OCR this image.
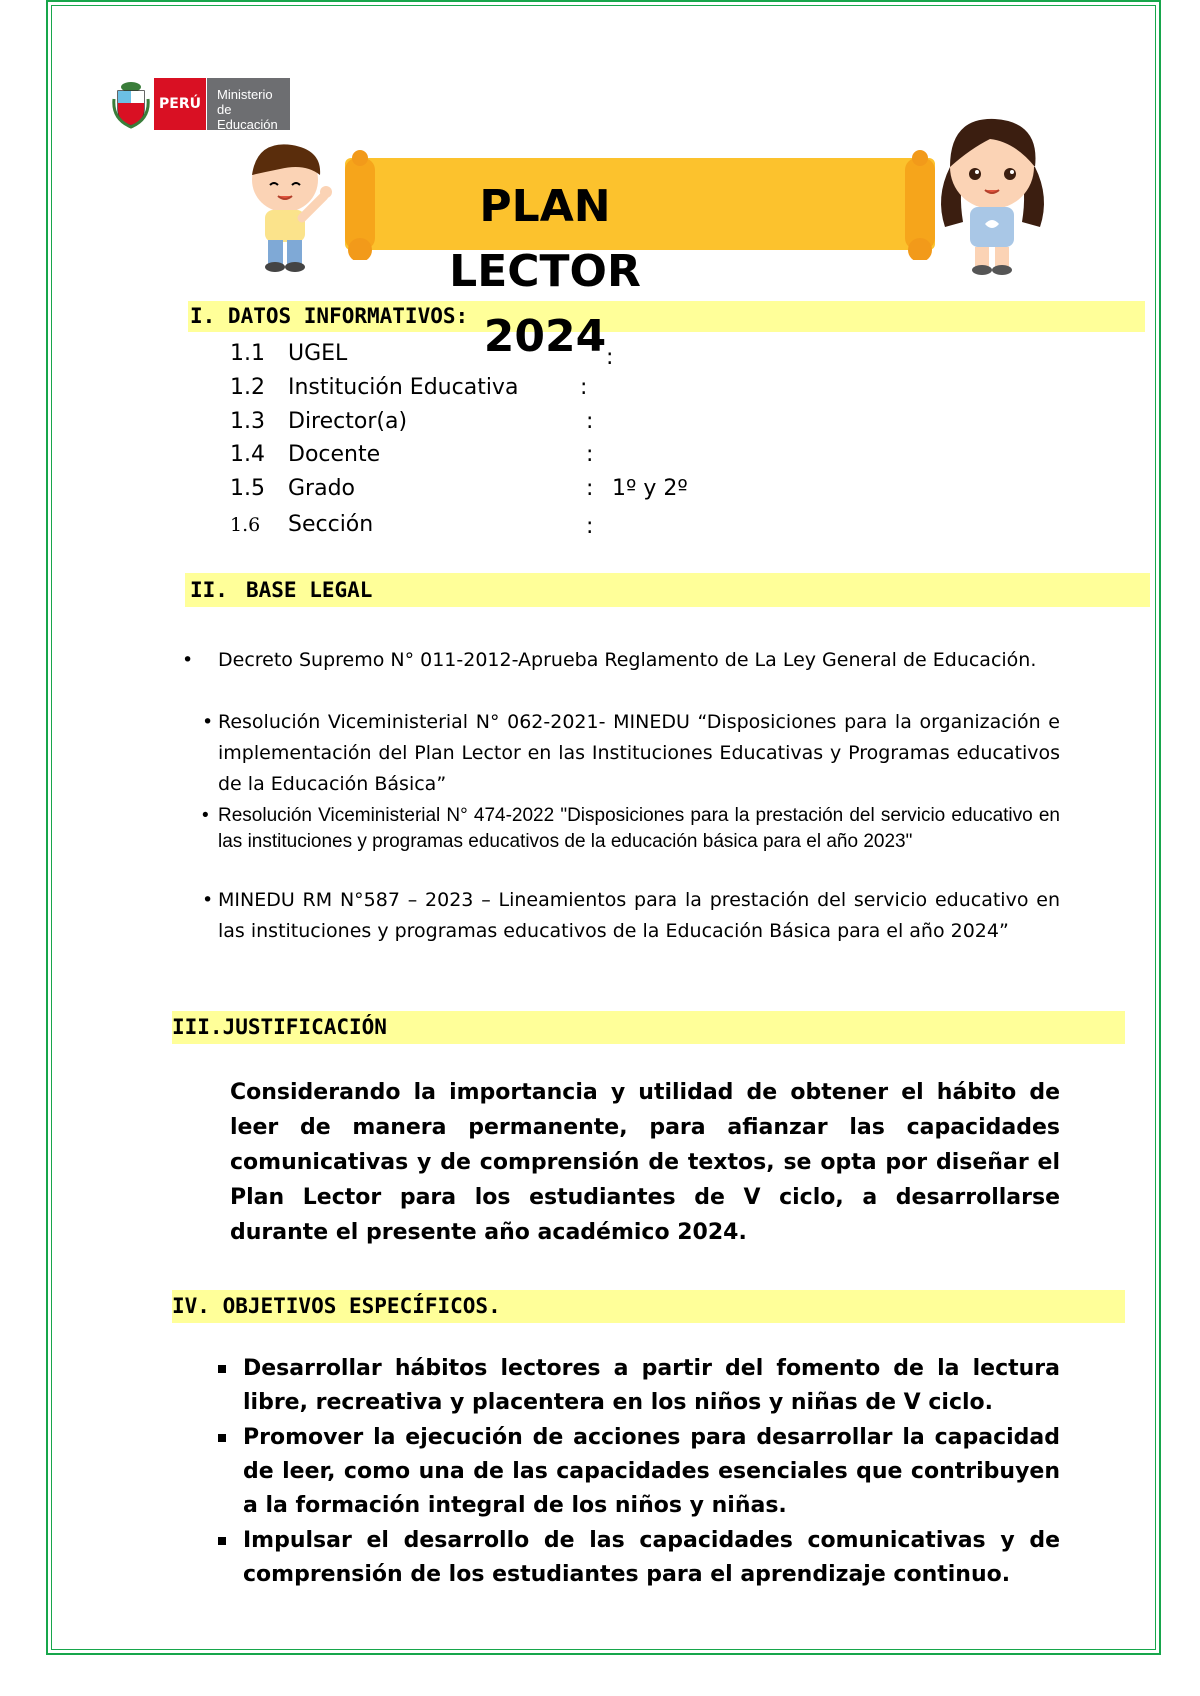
PERÚ
Ministerio
de Educación
I. DATOS INFORMATIVOS:
PLAN
LECTOR
2024
1.1 UGEL	:
1.2 Institución Educativa	:
1.3 Director(a)	:
1.4 Docente	:
1.5 Grado	: 1º y 2º
1.6 Sección	:
II. BASE LEGAL
• Decreto Supremo N° 011-2012-Aprueba Reglamento de La Ley General de Educación.
• Resolución Viceministerial N° 062-2021- MINEDU “Disposiciones para la organización e implementación del Plan Lector en las Instituciones Educativas y Programas educativos de la Educación Básica”
• Resolución Viceministerial N° 474-2022 "Disposiciones para la prestación del servicio educativo en las instituciones y programas educativos de la educación básica para el año 2023"
• MINEDU RM N°587 – 2023 – Lineamientos para la prestación del servicio educativo en las instituciones y programas educativos de la Educación Básica para el año 2024”
III.JUSTIFICACIÓN
Considerando la importancia y utilidad de obtener el hábito de leer de manera permanente, para afianzar las capacidades comunicativas y de comprensión de textos, se opta por diseñar el Plan Lector para los estudiantes de V ciclo, a desarrollarse durante el presente año académico 2024.
IV. OBJETIVOS ESPECÍFICOS.
Desarrollar hábitos lectores a partir del fomento de la lectura libre, recreativa y placentera en los niños y niñas de V ciclo.
Promover la ejecución de acciones para desarrollar la capacidad de leer, como una de las capacidades esenciales que contribuyen a la formación integral de los niños y niñas.
Impulsar el desarrollo de las capacidades comunicativas y de comprensión de los estudiantes para el aprendizaje continuo.
